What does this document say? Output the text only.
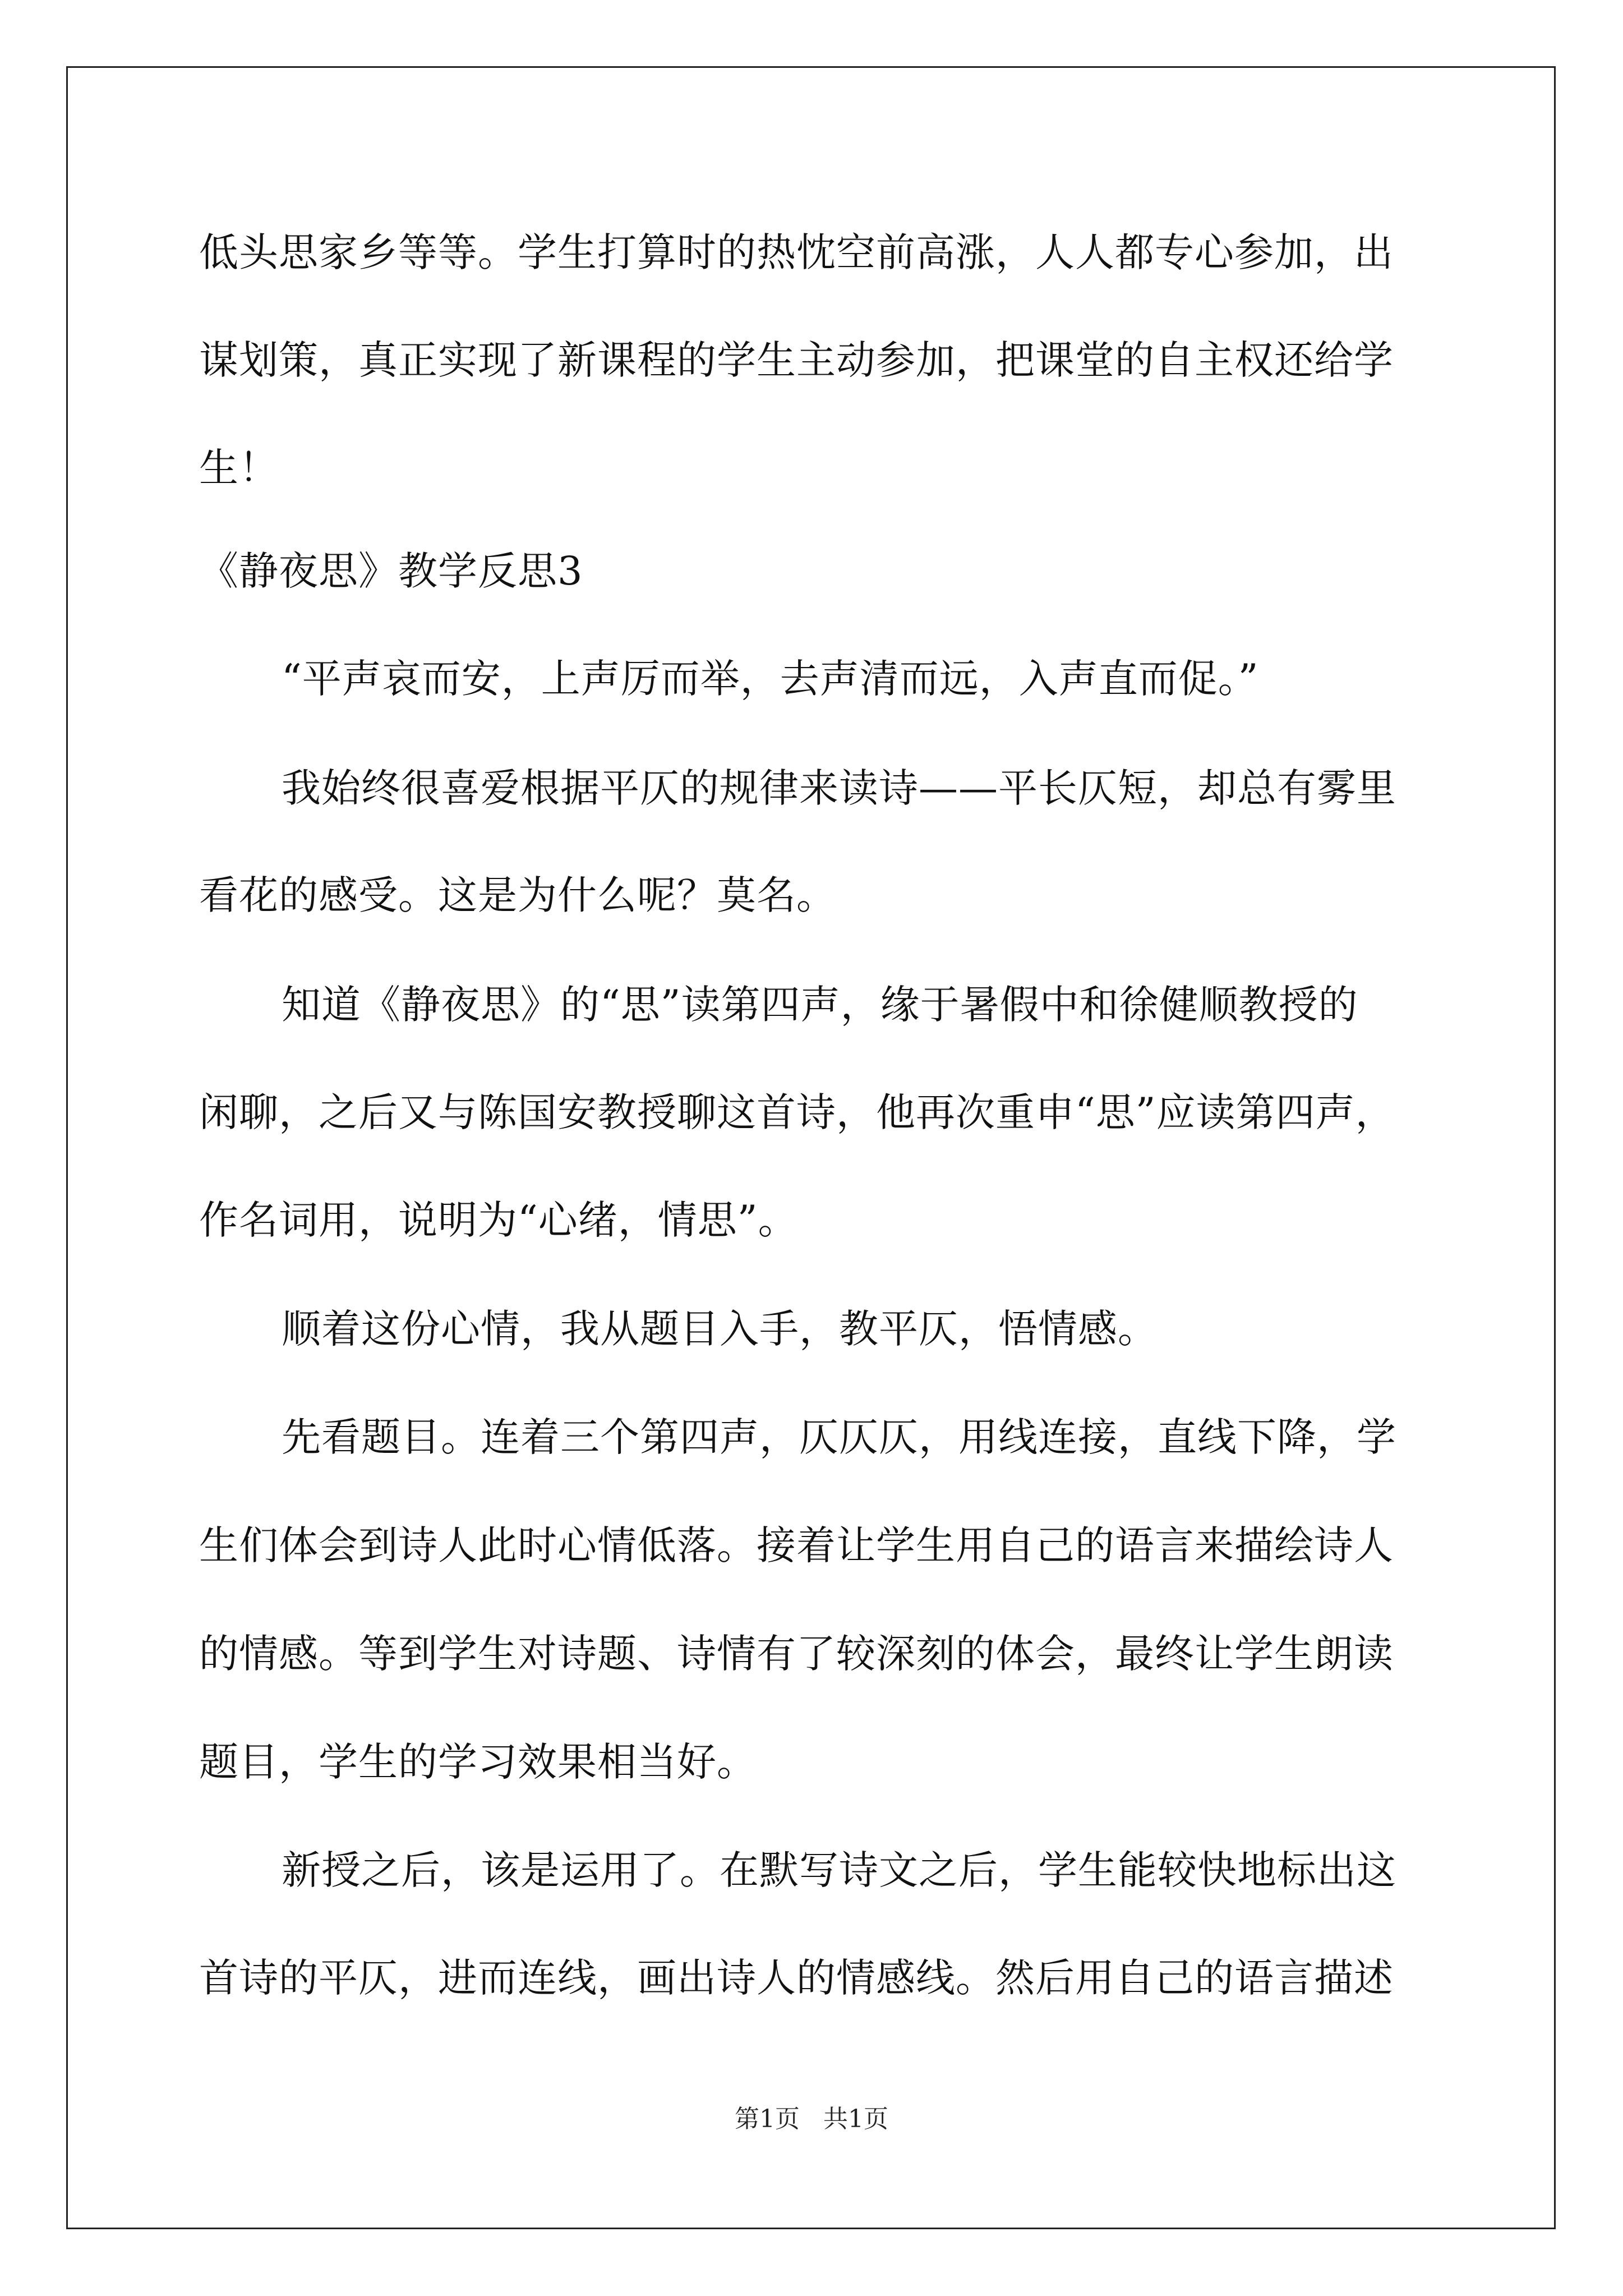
低头思家乡等等。学生打算时的热忱空前高涨，人人都专心参加，出
谋划策，真正实现了新课程的学生主动参加，把课堂的自主权还给学
生！
《静夜思》教学反思3
“平声哀而安，上声厉而举，去声清而远，入声直而促。”
我始终很喜爱根据平仄的规律来读诗——平长仄短，却总有雾里
看花的感受。这是为什么呢？莫名。
知道《静夜思》的“思”读第四声，缘于暑假中和徐健顺教授的
闲聊，之后又与陈国安教授聊这首诗，他再次重申“思”应读第四声，
作名词用，说明为“心绪，情思”。
顺着这份心情，我从题目入手，教平仄，悟情感。
先看题目。连着三个第四声，仄仄仄，用线连接，直线下降，学
生们体会到诗人此时心情低落。接着让学生用自己的语言来描绘诗人
的情感。等到学生对诗题、诗情有了较深刻的体会，最终让学生朗读
题目，学生的学习效果相当好。
新授之后，该是运用了。在默写诗文之后，学生能较快地标出这
首诗的平仄，进而连线，画出诗人的情感线。然后用自己的语言描述
第1页   共1页
